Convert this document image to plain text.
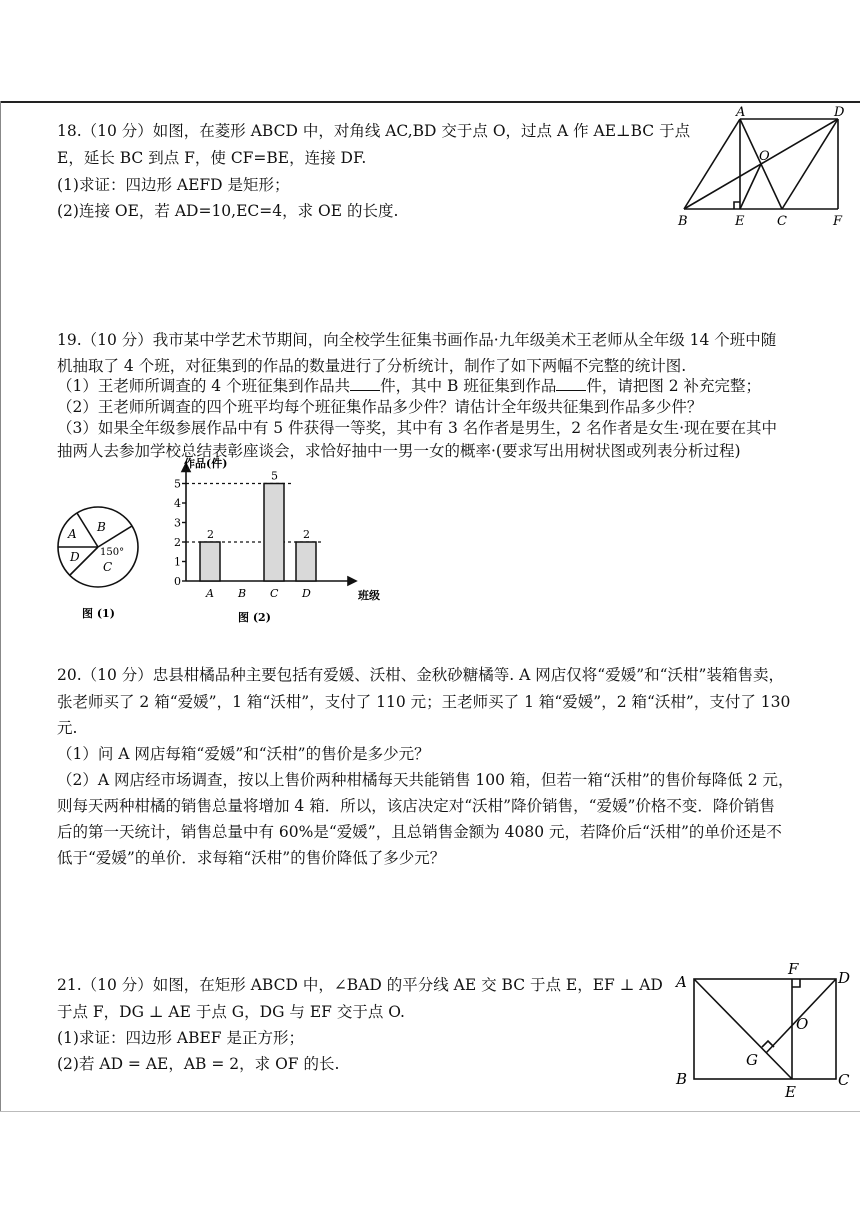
18.（10 分）如图，在菱形 ABCD 中，对角线 AC,BD 交于点 O，过点 A 作 AE⊥BC 于点
E，延长 BC 到点 F，使 CF=BE，连接 DF.
(1)求证：四边形 AEFD 是矩形；
(2)连接 OE，若 AD=10,EC=4，求 OE 的长度.
A	D
O
B	E	C	F
19.（10 分）我市某中学艺术节期间，向全校学生征集书画作品·九年级美术王老师从全年级 14 个班中随
机抽取了 4 个班，对征集到的作品的数量进行了分析统计，制作了如下两幅不完整的统计图.
（1）王老师所调查的 4 个班征集到作品共 件，其中 B 班征集到作品 件，请把图 2 补充完整；
（2）王老师所调查的四个班平均每个班征集作品多少件？请估计全年级共征集到作品多少件？
（3）如果全年级参展作品中有 5 件获得一等奖，其中有 3 名作者是男生，2 名作者是女生·现在要在其中
抽两人去参加学校总结表彰座谈会，求恰好抽中一男一女的概率·(要求写出用树状图或列表分析过程)
A B
D
C
150°
图 (1)
0
1
2
3
4
5
2
A B
5
C
2
D
作品(件)
班级
图 (2)
20.（10 分）忠县柑橘品种主要包括有爱媛、沃柑、金秋砂糖橘等. A 网店仅将“爱媛”和“沃柑”装箱售卖，
张老师买了 2 箱“爱媛”，1 箱“沃柑”，支付了 110 元；王老师买了 1 箱“爱媛”，2 箱“沃柑”，支付了 130
元.
（1）问 A 网店每箱“爱媛”和“沃柑”的售价是多少元？
（2）A 网店经市场调查，按以上售价两种柑橘每天共能销售 100 箱，但若一箱“沃柑”的售价每降低 2 元，
则每天两种柑橘的销售总量将增加 4 箱．所以，该店决定对“沃柑”降价销售，“爱媛”价格不变．降价销售
后的第一天统计，销售总量中有 60%是“爱媛”，且总销售金额为 4080 元，若降价后“沃柑”的单价还是不
低于“爱媛”的单价．求每箱“沃柑”的售价降低了多少元？
21.（10 分）如图，在矩形 ABCD 中，∠BAD 的平分线 AE 交 BC 于点 E，EF ⊥ AD
于点 F，DG ⊥ AE 于点 G，DG 与 EF 交于点 O.
(1)求证：四边形 ABEF 是正方形；
(2)若 AD = AE，AB = 2，求 OF 的长.
A
F	D
O
G
B
E
C
